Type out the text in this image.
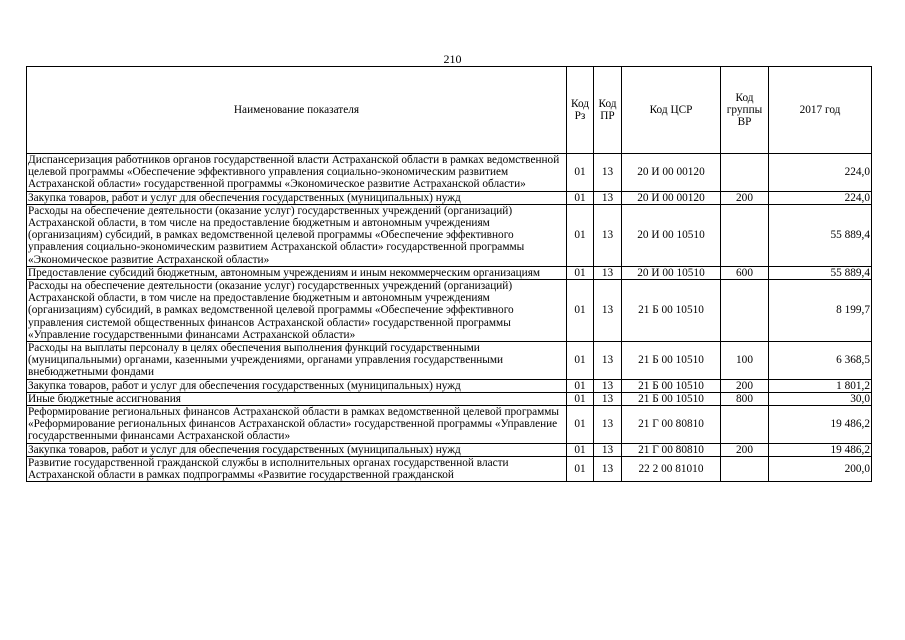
210
Наименование показателя	Код Рз	Код ПР	Код ЦСР	Код группы ВР	2017 год
Диспансеризация работников органов государственной власти Астраханской области в рамках ведомственной целевой программы «Обеспечение эффективного управления социально-экономическим развитием Астраханской области» государственной программы «Экономическое развитие Астраханской области»	01	13	20 И 00 00120		224,0
Закупка товаров, работ и услуг для обеспечения государственных (муниципальных) нужд	01	13	20 И 00 00120	200	224,0
Расходы на обеспечение деятельности (оказание услуг) государственных учреждений (организаций) Астраханской области, в том числе на предоставление бюджетным и автономным учреждениям (организациям) субсидий, в рамках ведомственной целевой программы «Обеспечение эффективного управления социально-экономическим развитием Астраханской области» государственной программы «Экономическое развитие Астраханской области»	01	13	20 И 00 10510		55 889,4
Предоставление субсидий бюджетным, автономным учреждениям и иным некоммерческим организациям	01	13	20 И 00 10510	600	55 889,4
Расходы на обеспечение деятельности (оказание услуг) государственных учреждений (организаций) Астраханской области, в том числе на предоставление бюджетным и автономным учреждениям (организациям) субсидий, в рамках ведомственной целевой программы «Обеспечение эффективного управления системой общественных финансов Астраханской области» государственной программы «Управление государственными финансами Астраханской области»	01	13	21 Б 00 10510		8 199,7
Расходы на выплаты персоналу в целях обеспечения выполнения функций государственными (муниципальными) органами, казенными учреждениями, органами управления государственными внебюджетными фондами	01	13	21 Б 00 10510	100	6 368,5
Закупка товаров, работ и услуг для обеспечения государственных (муниципальных) нужд	01	13	21 Б 00 10510	200	1 801,2
Иные бюджетные ассигнования	01	13	21 Б 00 10510	800	30,0
Реформирование региональных финансов Астраханской области в рамках ведомственной целевой программы «Реформирование региональных финансов Астраханской области» государственной программы «Управление государственными финансами Астраханской области»	01	13	21 Г 00 80810		19 486,2
Закупка товаров, работ и услуг для обеспечения государственных (муниципальных) нужд	01	13	21 Г 00 80810	200	19 486,2
Развитие государственной гражданской службы в исполнительных органах государственной власти Астраханской области в рамках подпрограммы «Развитие государственной гражданской	01	13	22 2 00 81010		200,0
